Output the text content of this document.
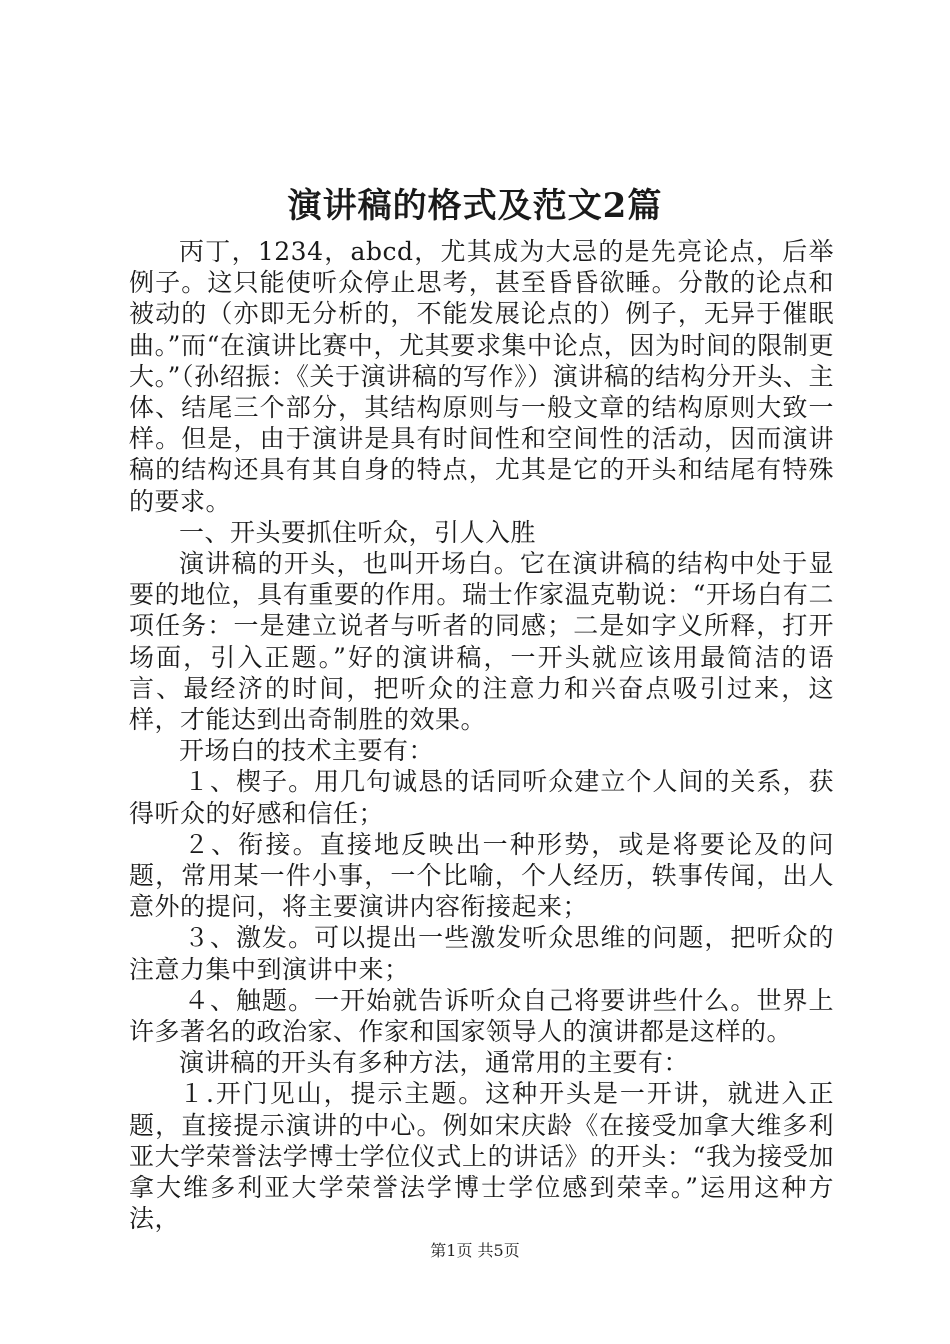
演讲稿的格式及范文2篇

丙丁，1234，abcd，尤其成为大忌的是先亮论点，后举例子。这只能使听众停止思考，甚至昏昏欲睡。分散的论点和被动的（亦即无分析的，不能发展论点的）例子，无异于催眠曲。”而“在演讲比赛中，尤其要求集中论点，因为时间的限制更大。”（孙绍振：《关于演讲稿的写作》）演讲稿的结构分开头、主体、结尾三个部分，其结构原则与一般文章的结构原则大致一样。但是，由于演讲是具有时间性和空间性的活动，因而演讲稿的结构还具有其自身的特点，尤其是它的开头和结尾有特殊的要求。

一、开头要抓住听众，引人入胜

演讲稿的开头，也叫开场白。它在演讲稿的结构中处于显要的地位，具有重要的作用。瑞士作家温克勒说：“开场白有二项任务：一是建立说者与听者的同感；二是如字义所释，打开场面，引入正题。”好的演讲稿，一开头就应该用最简洁的语言、最经济的时间，把听众的注意力和兴奋点吸引过来，这样，才能达到出奇制胜的效果。

开场白的技术主要有：

１、楔子。用几句诚恳的话同听众建立个人间的关系，获得听众的好感和信任；

２、衔接。直接地反映出一种形势，或是将要论及的问题，常用某一件小事，一个比喻，个人经历，轶事传闻，出人意外的提问，将主要演讲内容衔接起来；

３、激发。可以提出一些激发听众思维的问题，把听众的注意力集中到演讲中来；

４、触题。一开始就告诉听众自己将要讲些什么。世界上许多著名的政治家、作家和国家领导人的演讲都是这样的。

演讲稿的开头有多种方法，通常用的主要有：

１.开门见山，提示主题。这种开头是一开讲，就进入正题，直接提示演讲的中心。例如宋庆龄《在接受加拿大维多利亚大学荣誉法学博士学位仪式上的讲话》的开头：“我为接受加拿大维多利亚大学荣誉法学博士学位感到荣幸。”运用这种方法，

第1页 共5页
